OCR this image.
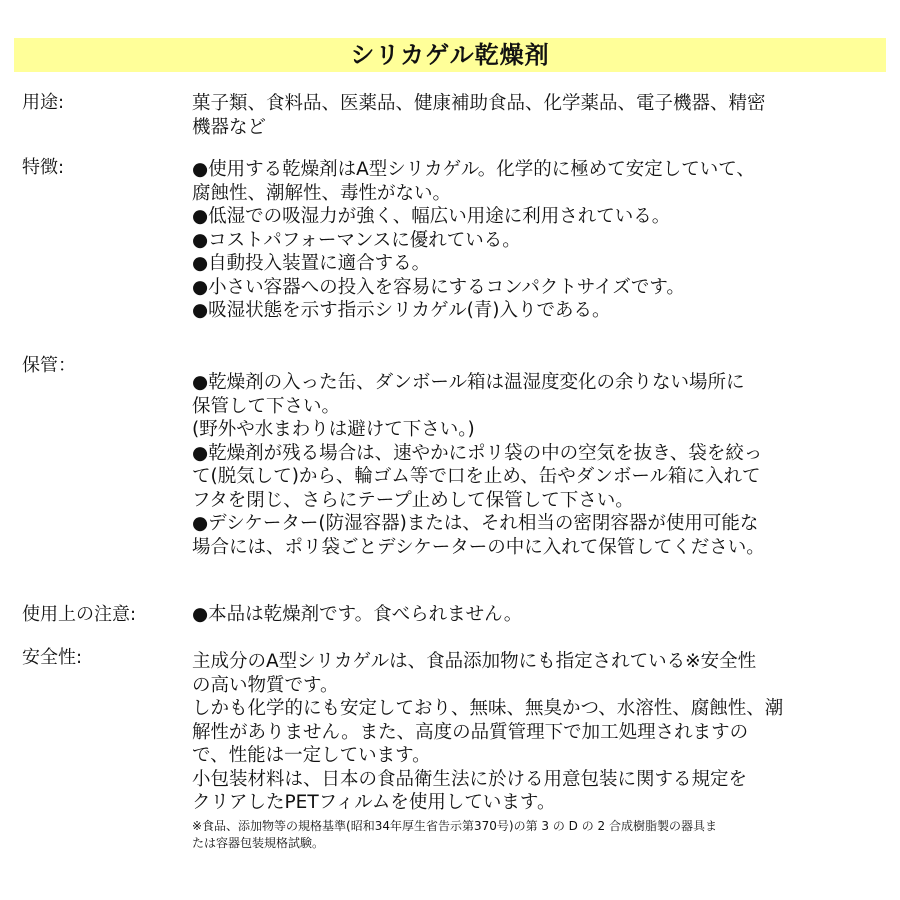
シリカゲル乾燥剤
用途:	菓子類、食料品、医薬品、健康補助食品、化学薬品、電子機器、精密
機器など
特徴:	●使用する乾燥剤はA型シリカゲル。化学的に極めて安定していて、
腐蝕性、潮解性、毒性がない。
●低湿での吸湿力が強く、幅広い用途に利用されている。
●コストパフォーマンスに優れている。
●自動投入装置に適合する。
●小さい容器への投入を容易にするコンパクトサイズです。
●吸湿状態を示す指示シリカゲル(青)入りである。
保管：
●乾燥剤の入った缶、ダンボール箱は温湿度変化の余りない場所に
保管して下さい。
(野外や水まわりは避けて下さい。)
●乾燥剤が残る場合は、速やかにポリ袋の中の空気を抜き、袋を絞っ
て(脱気して)から、輪ゴム等で口を止め、缶やダンボール箱に入れて
フタを閉じ、さらにテープ止めして保管して下さい。
●デシケーター(防湿容器)または、それ相当の密閉容器が使用可能な
場合には、ポリ袋ごとデシケーターの中に入れて保管してください。
使用上の注意:	●本品は乾燥剤です。食べられません。
安全性:	主成分のA型シリカゲルは、食品添加物にも指定されている※安全性
の高い物質です。
しかも化学的にも安定しており、無味、無臭かつ、水溶性、腐蝕性、潮
解性がありません。また、高度の品質管理下で加工処理されますの
で、性能は一定しています。
小包装材料は、日本の食品衛生法に於ける用意包装に関する規定を
クリアしたPETフィルムを使用しています。
※食品、添加物等の規格基準(昭和34年厚生省告示第370号)の第 3 の D の 2 合成樹脂製の器具ま
たは容器包装規格試験。
